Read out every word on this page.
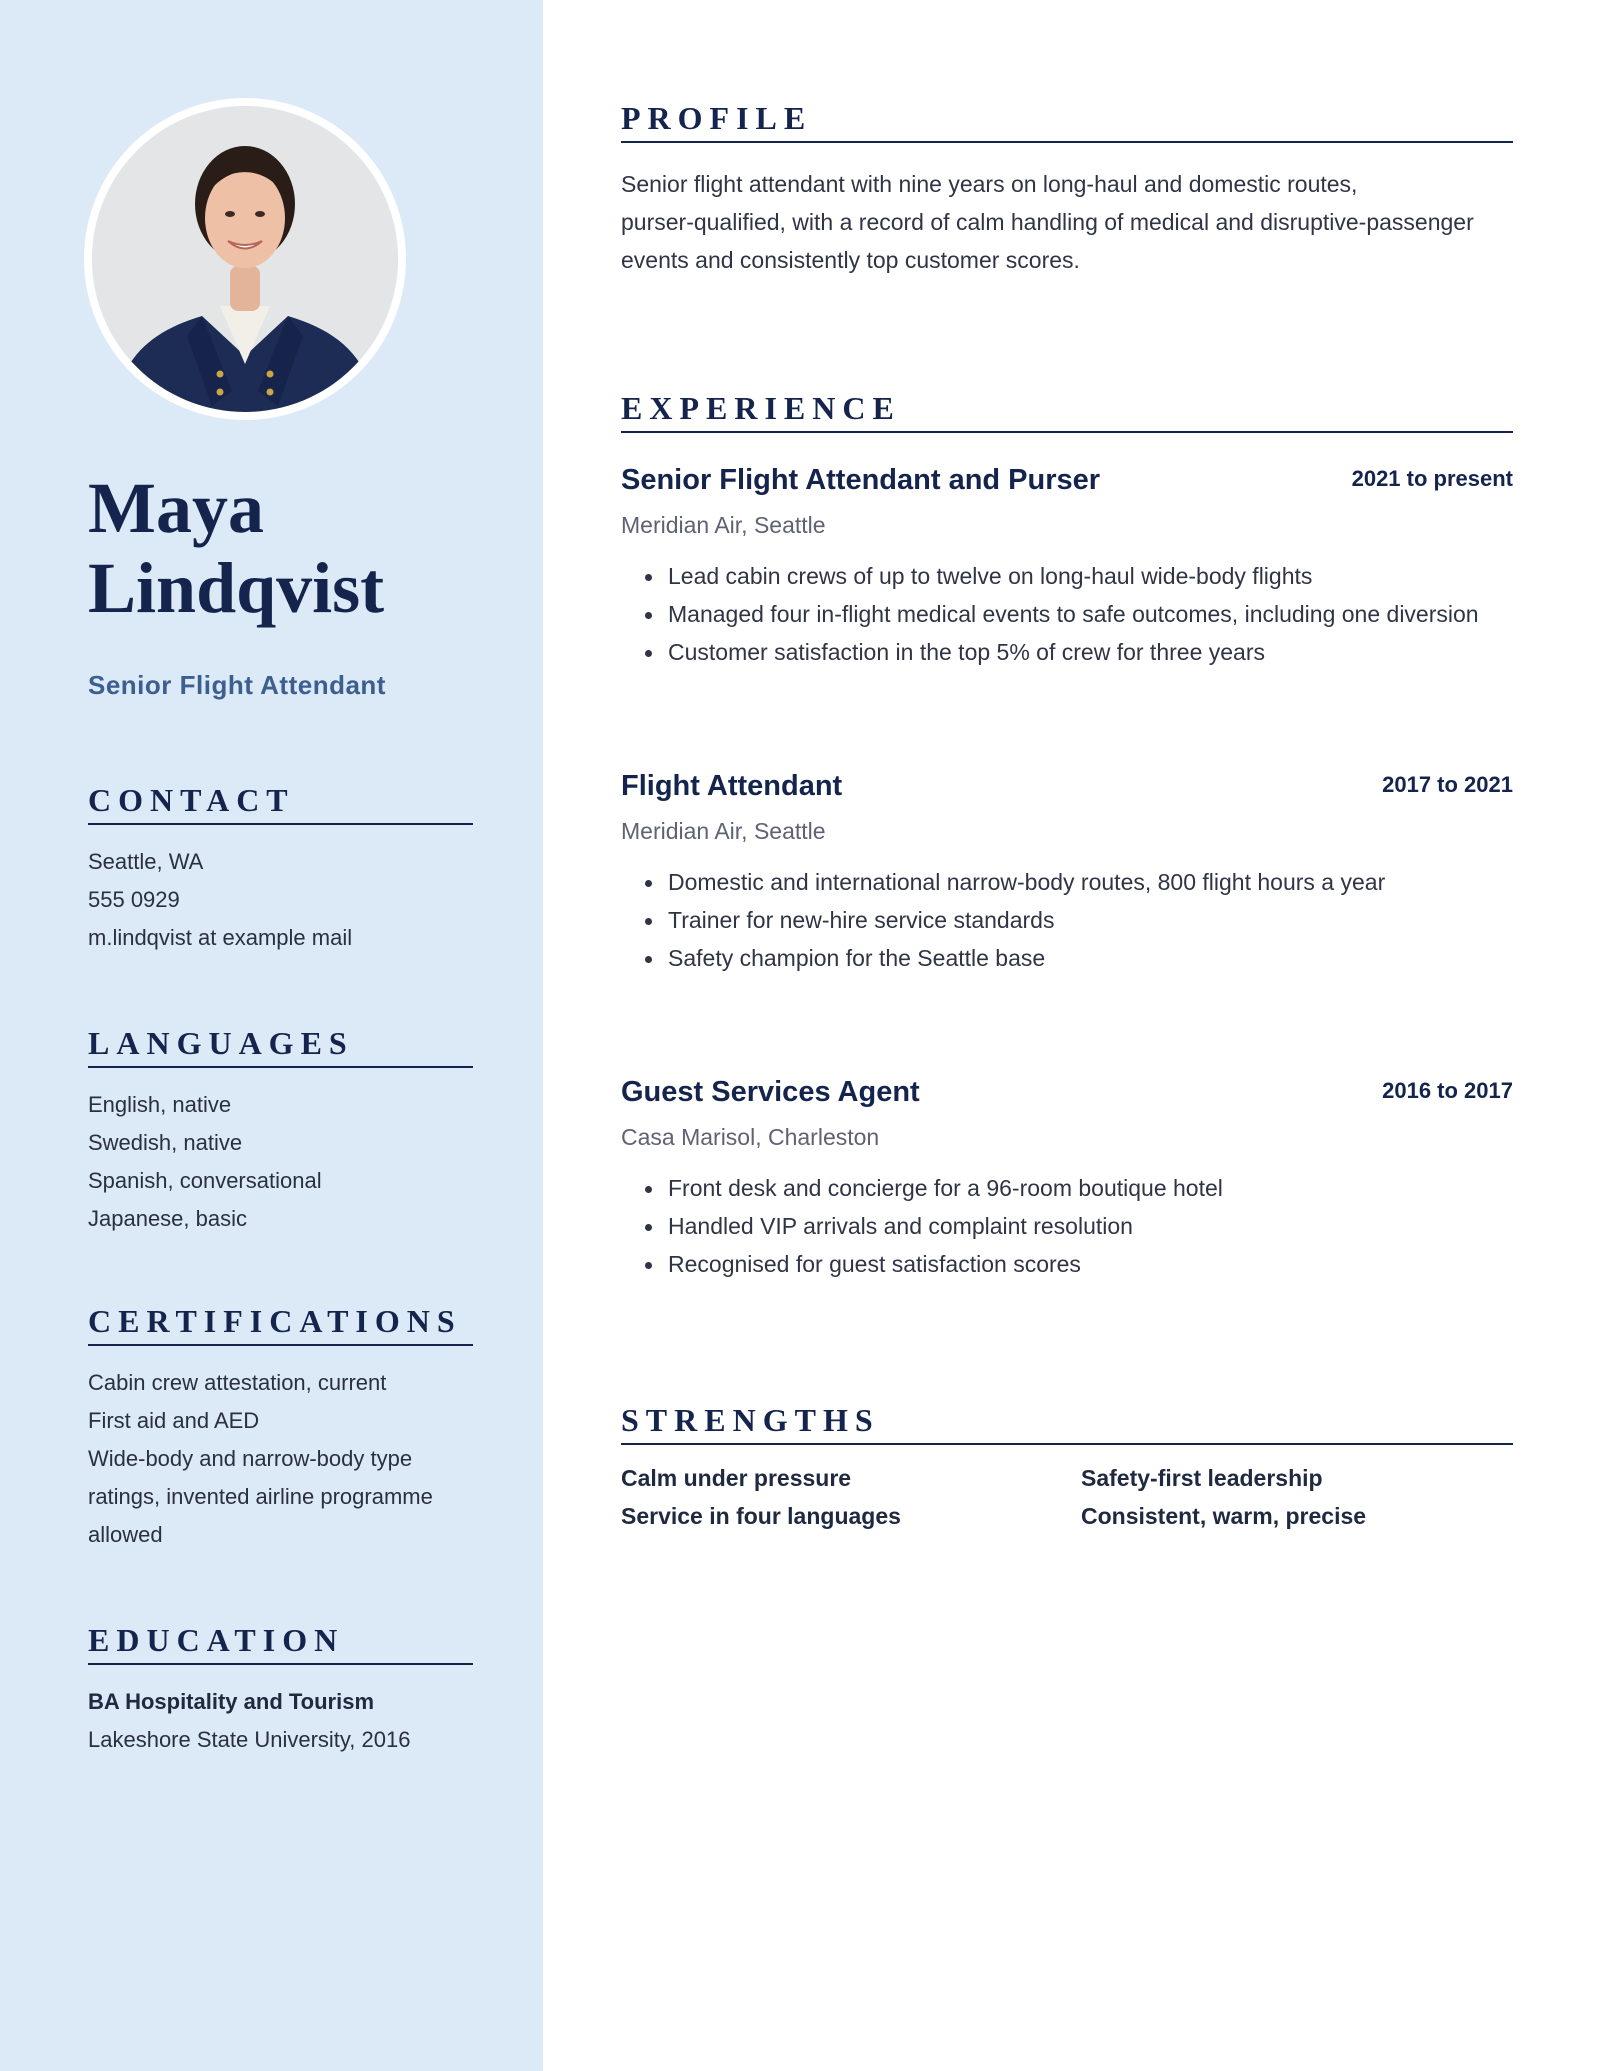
Maya
Lindqvist
Senior Flight Attendant
CONTACT
Seattle, WA
555 0929
m.lindqvist at example mail
LANGUAGES
English, native
Swedish, native
Spanish, conversational
Japanese, basic
CERTIFICATIONS
Cabin crew attestation, current
First aid and AED
Wide-body and narrow-body type
ratings, invented airline programme
allowed
EDUCATION
BA Hospitality and Tourism
Lakeshore State University, 2016
PROFILE
Senior flight attendant with nine years on long-haul and domestic routes,
purser-qualified, with a record of calm handling of medical and disruptive-passenger
events and consistently top customer scores.
EXPERIENCE
Senior Flight Attendant and Purser	2021 to present
Meridian Air, Seattle
Lead cabin crews of up to twelve on long-haul wide-body flights
Managed four in-flight medical events to safe outcomes, including one diversion
Customer satisfaction in the top 5% of crew for three years
Flight Attendant	2017 to 2021
Meridian Air, Seattle
Domestic and international narrow-body routes, 800 flight hours a year
Trainer for new-hire service standards
Safety champion for the Seattle base
Guest Services Agent	2016 to 2017
Casa Marisol, Charleston
Front desk and concierge for a 96-room boutique hotel
Handled VIP arrivals and complaint resolution
Recognised for guest satisfaction scores
STRENGTHS
Calm under pressure	Safety-first leadership
Service in four languages	Consistent, warm, precise
